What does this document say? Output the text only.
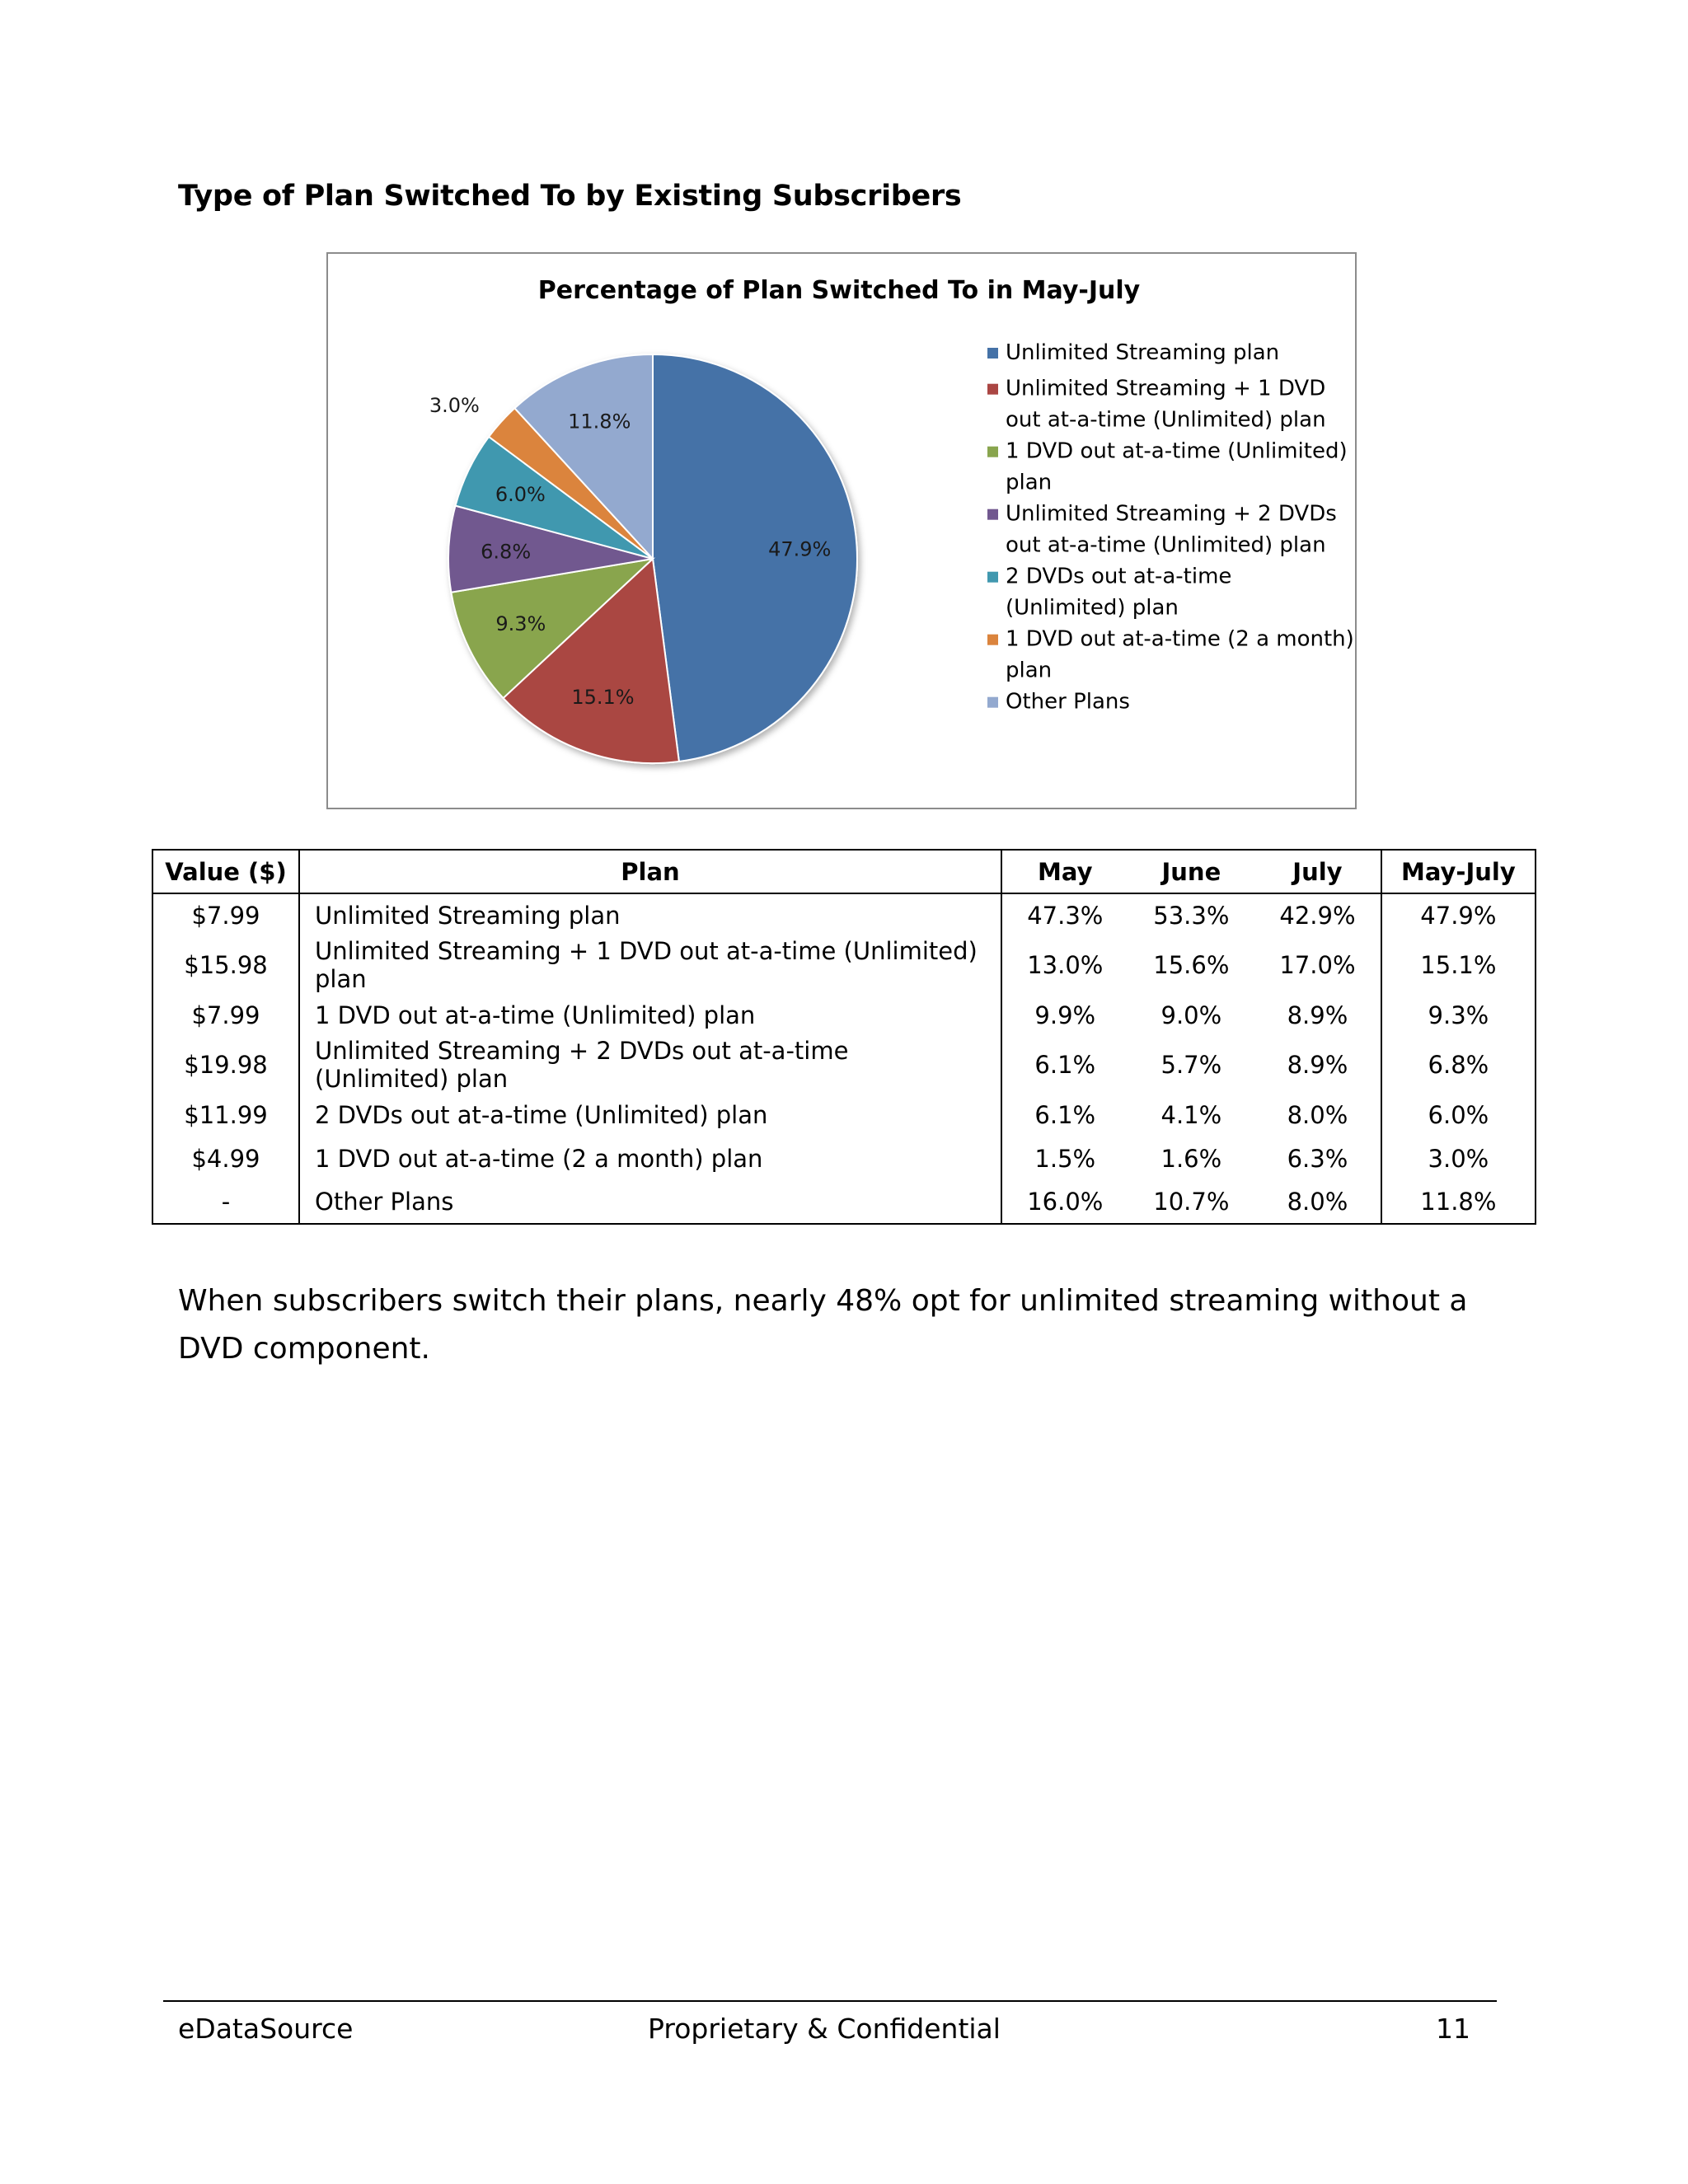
Type of Plan Switched To by Existing Subscribers
Percentage of Plan Switched To in May-July
47.9%
15.1%
9.3%
6.8%
6.0%
3.0%
11.8%
Unlimited Streaming plan
Unlimited Streaming + 1 DVD
out at-a-time (Unlimited) plan
1 DVD out at-a-time (Unlimited)
plan
Unlimited Streaming + 2 DVDs
out at-a-time (Unlimited) plan
2 DVDs out at-a-time
(Unlimited) plan
1 DVD out at-a-time (2 a month)
plan
Other Plans
Value ($)	Plan	May	June	July	May-July
$7.99	Unlimited Streaming plan	47.3%	53.3%	42.9%	47.9%
$15.98	Unlimited Streaming + 1 DVD out at-a-time (Unlimited) plan	13.0%	15.6%	17.0%	15.1%
$7.99	1 DVD out at-a-time (Unlimited) plan	9.9%	9.0%	8.9%	9.3%
$19.98	Unlimited Streaming + 2 DVDs out at-a-time (Unlimited) plan	6.1%	5.7%	8.9%	6.8%
$11.99	2 DVDs out at-a-time (Unlimited) plan	6.1%	4.1%	8.0%	6.0%
$4.99	1 DVD out at-a-time (2 a month) plan	1.5%	1.6%	6.3%	3.0%
-	Other Plans	16.0%	10.7%	8.0%	11.8%

When subscribers switch their plans, nearly 48% opt for unlimited streaming without a DVD component.

eDataSource	Proprietary & Confidential	11
